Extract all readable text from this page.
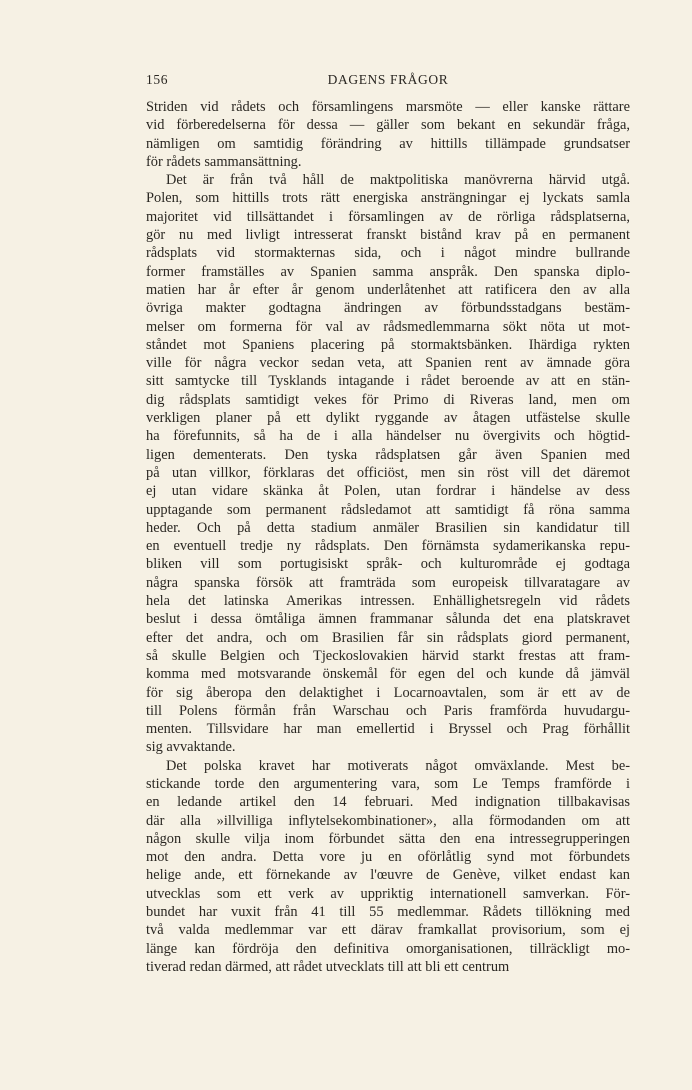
156	DAGENS FRÅGOR
Striden vid rådets och församlingens marsmöte — eller kanske rättare
vid förberedelserna för dessa — gäller som bekant en sekundär fråga,
nämligen om samtidig förändring av hittills tillämpade grundsatser
för rådets sammansättning.
Det är från två håll de maktpolitiska manövrerna härvid utgå.
Polen, som hittills trots rätt energiska ansträngningar ej lyckats samla
majoritet vid tillsättandet i församlingen av de rörliga rådsplatserna,
gör nu med livligt intresserat franskt bistånd krav på en permanent
rådsplats vid stormakternas sida, och i något mindre bullrande
former framställes av Spanien samma anspråk. Den spanska diplo-
matien har år efter år genom underlåtenhet att ratificera den av alla
övriga makter godtagna ändringen av förbundsstadgans bestäm-
melser om formerna för val av rådsmedlemmarna sökt nöta ut mot-
ståndet mot Spaniens placering på stormaktsbänken. Ihärdiga rykten
ville för några veckor sedan veta, att Spanien rent av ämnade göra
sitt samtycke till Tysklands intagande i rådet beroende av att en stän-
dig rådsplats samtidigt vekes för Primo di Riveras land, men om
verkligen planer på ett dylikt ryggande av åtagen utfästelse skulle
ha förefunnits, så ha de i alla händelser nu övergivits och högtid-
ligen dementerats. Den tyska rådsplatsen går även Spanien med
på utan villkor, förklaras det officiöst, men sin röst vill det däremot
ej utan vidare skänka åt Polen, utan fordrar i händelse av dess
upptagande som permanent rådsledamot att samtidigt få röna samma
heder. Och på detta stadium anmäler Brasilien sin kandidatur till
en eventuell tredje ny rådsplats. Den förnämsta sydamerikanska repu-
bliken vill som portugisiskt språk- och kulturområde ej godtaga
några spanska försök att framträda som europeisk tillvaratagare av
hela det latinska Amerikas intressen. Enhällighetsregeln vid rådets
beslut i dessa ömtåliga ämnen frammanar sålunda det ena platskravet
efter det andra, och om Brasilien får sin rådsplats giord permanent,
så skulle Belgien och Tjeckoslovakien härvid starkt frestas att fram-
komma med motsvarande önskemål för egen del och kunde då jämväl
för sig åberopa den delaktighet i Locarnoavtalen, som är ett av de
till Polens förmån från Warschau och Paris framförda huvudargu-
menten. Tillsvidare har man emellertid i Bryssel och Prag förhållit
sig avvaktande.
Det polska kravet har motiverats något omväxlande. Mest be-
stickande torde den argumentering vara, som Le Temps framförde i
en ledande artikel den 14 februari. Med indignation tillbakavisas
där alla »illvilliga inflytelsekombinationer», alla förmodanden om att
någon skulle vilja inom förbundet sätta den ena intressegrupperingen
mot den andra. Detta vore ju en oförlåtlig synd mot förbundets
helige ande, ett förnekande av l'œuvre de Genève, vilket endast kan
utvecklas som ett verk av uppriktig internationell samverkan. För-
bundet har vuxit från 41 till 55 medlemmar. Rådets tillökning med
två valda medlemmar var ett därav framkallat provisorium, som ej
länge kan fördröja den definitiva omorganisationen, tillräckligt mo-
tiverad redan därmed, att rådet utvecklats till att bli ett centrum
